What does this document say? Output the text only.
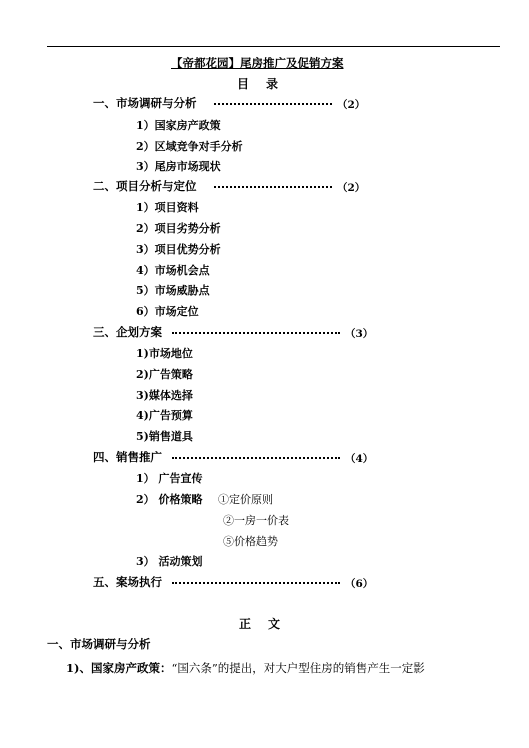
【帝都花园】尾房推广及促销方案
目 录
一、市场调研与分析	（2）
1）国家房产政策
2）区域竞争对手分析
3）尾房市场现状
二、项目分析与定位	（2）
1）项目资料
2）项目劣势分析
3）项目优势分析
4）市场机会点
5）市场威胁点
6）市场定位
三、企划方案	（3）
1)市场地位
2)广告策略
3)媒体选择
4)广告预算
5)销售道具
四、销售推广	（4）
1） 广告宣传
2） 价格策略 ①定价原则
②一房一价表
⑤价格趋势
3） 活动策划
五、案场执行	（6）
正 文
一、市场调研与分析
1)、国家房产政策：“国六条”的提出，对大户型住房的销售产生一定影
